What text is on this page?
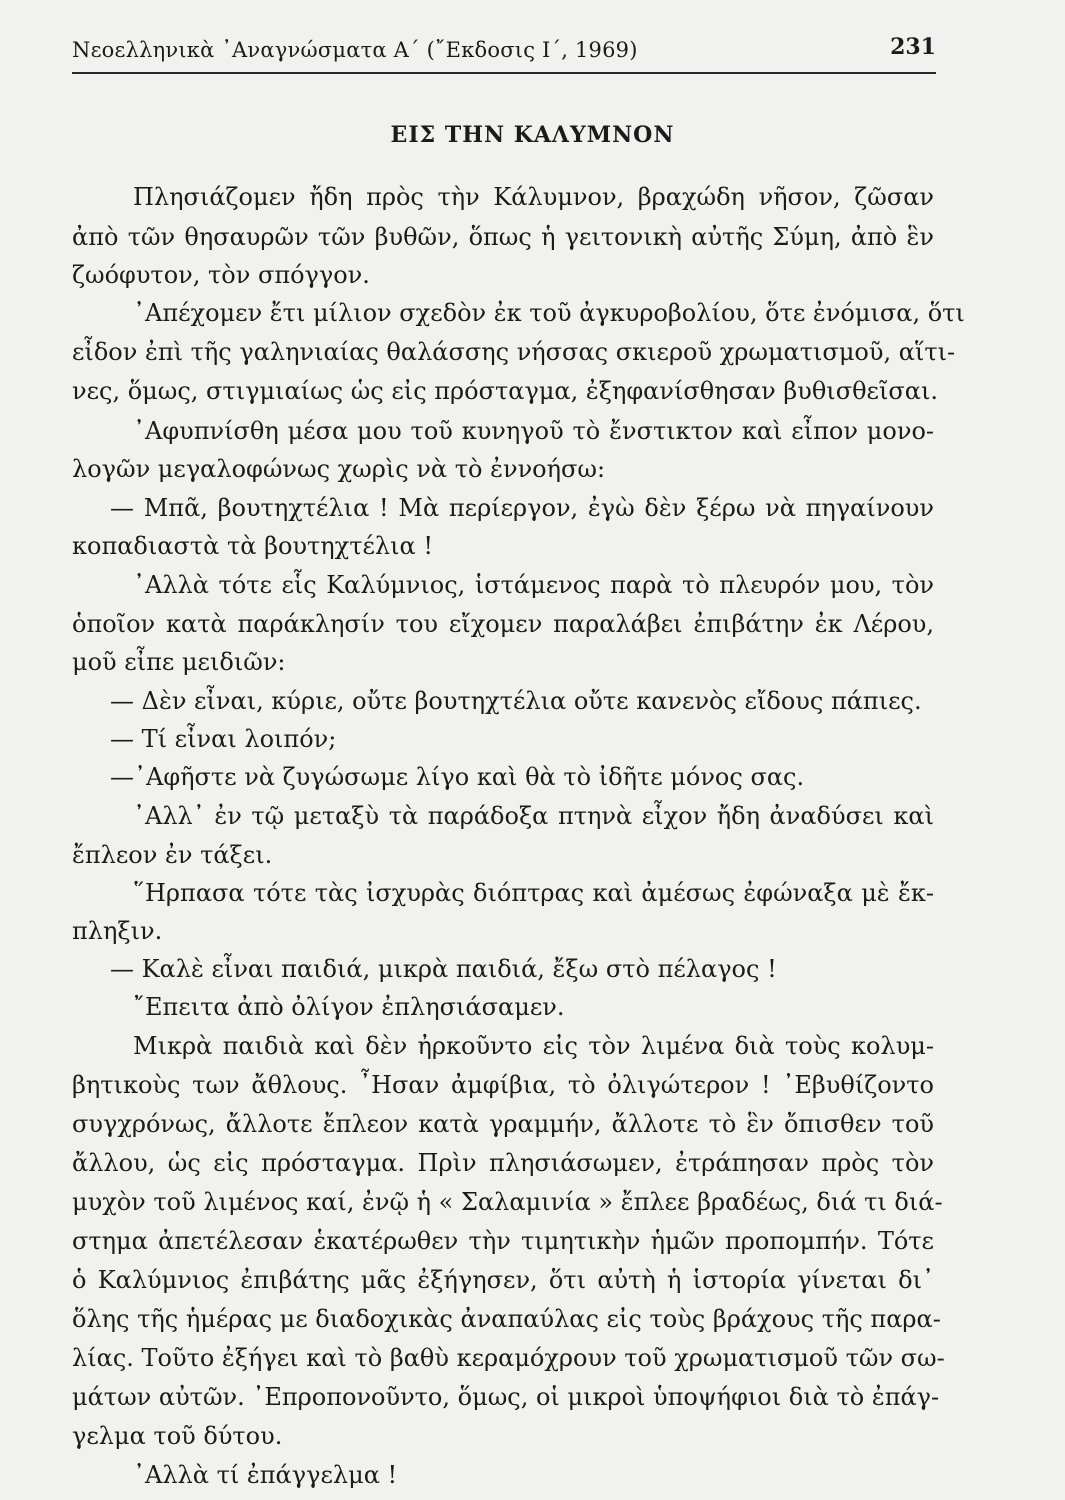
Νεοελληνικὰ ᾿Αναγνώσματα Α΄ (῎Εκδοσις Ι΄, 1969)	231
ΕΙΣ ΤΗΝ ΚΑΛΥΜΝΟΝ
Πλησιάζομεν ἤδη πρὸς τὴν Κάλυμνον, βραχώδη νῆσον, ζῶσαν
ἀπὸ τῶν θησαυρῶν τῶν βυθῶν, ὅπως ἡ γειτονικὴ αὐτῆς Σύμη, ἀπὸ ἓν
ζωόφυτον, τὸν σπόγγον.
᾿Απέχομεν ἔτι μίλιον σχεδὸν ἐκ τοῦ ἀγκυροβολίου, ὅτε ἐνόμισα, ὅτι
εἶδον ἐπὶ τῆς γαληνιαίας θαλάσσης νήσσας σκιεροῦ χρωματισμοῦ, αἵτι-
νες, ὅμως, στιγμιαίως ὡς εἰς πρόσταγμα, ἐξηφανίσθησαν βυθισθεῖσαι.
᾿Αφυπνίσθη μέσα μου τοῦ κυνηγοῦ τὸ ἔνστικτον καὶ εἶπον μονο-
λογῶν μεγαλοφώνως χωρὶς νὰ τὸ ἐννοήσω:
— Μπᾶ, βουτηχτέλια ! Μὰ περίεργον, ἐγὼ δὲν ξέρω νὰ πηγαίνουν
κοπαδιαστὰ τὰ βουτηχτέλια !
᾿Αλλὰ τότε εἷς Καλύμνιος, ἱστάμενος παρὰ τὸ πλευρόν μου, τὸν
ὁποῖον κατὰ παράκλησίν του εἴχομεν παραλάβει ἐπιβάτην ἐκ Λέρου,
μοῦ εἶπε μειδιῶν:
— Δὲν εἶναι, κύριε, οὔτε βουτηχτέλια οὔτε κανενὸς εἴδους πάπιες.
— Τί εἶναι λοιπόν;
—᾿Αφῆστε νὰ ζυγώσωμε λίγο καὶ θὰ τὸ ἰδῆτε μόνος σας.
᾿Αλλ᾿ ἐν τῷ μεταξὺ τὰ παράδοξα πτηνὰ εἶχον ἤδη ἀναδύσει καὶ
ἔπλεον ἐν τάξει.
῞Ηρπασα τότε τὰς ἰσχυρὰς διόπτρας καὶ ἀμέσως ἐφώναξα μὲ ἔκ-
πληξιν.
— Καλὲ εἶναι παιδιά, μικρὰ παιδιά, ἔξω στὸ πέλαγος !
῎Επειτα ἀπὸ ὀλίγον ἐπλησιάσαμεν.
Μικρὰ παιδιὰ καὶ δὲν ἠρκοῦντο εἰς τὸν λιμένα διὰ τοὺς κολυμ-
βητικοὺς των ἄθλους. ῏Ησαν ἀμφίβια, τὸ ὀλιγώτερον ! ᾿Εβυθίζοντο
συγχρόνως, ἄλλοτε ἔπλεον κατὰ γραμμήν, ἄλλοτε τὸ ἓν ὄπισθεν τοῦ
ἄλλου, ὡς εἰς πρόσταγμα. Πρὶν πλησιάσωμεν, ἐτράπησαν πρὸς τὸν
μυχὸν τοῦ λιμένος καί, ἐνῷ ἡ « Σαλαμινία » ἔπλεε βραδέως, διά τι διά-
στημα ἀπετέλεσαν ἑκατέρωθεν τὴν τιμητικὴν ἡμῶν προπομπήν. Τότε
ὁ Καλύμνιος ἐπιβάτης μᾶς ἐξήγησεν, ὅτι αὐτὴ ἡ ἱστορία γίνεται δι᾿
ὅλης τῆς ἡμέρας με διαδοχικὰς ἀναπαύλας εἰς τοὺς βράχους τῆς παρα-
λίας. Τοῦτο ἐξήγει καὶ τὸ βαθὺ κεραμόχρουν τοῦ χρωματισμοῦ τῶν σω-
μάτων αὐτῶν. ᾿Επροπονοῦντο, ὅμως, οἱ μικροὶ ὑποψήφιοι διὰ τὸ ἐπάγ-
γελμα τοῦ δύτου.
᾿Αλλὰ τί ἐπάγγελμα !
